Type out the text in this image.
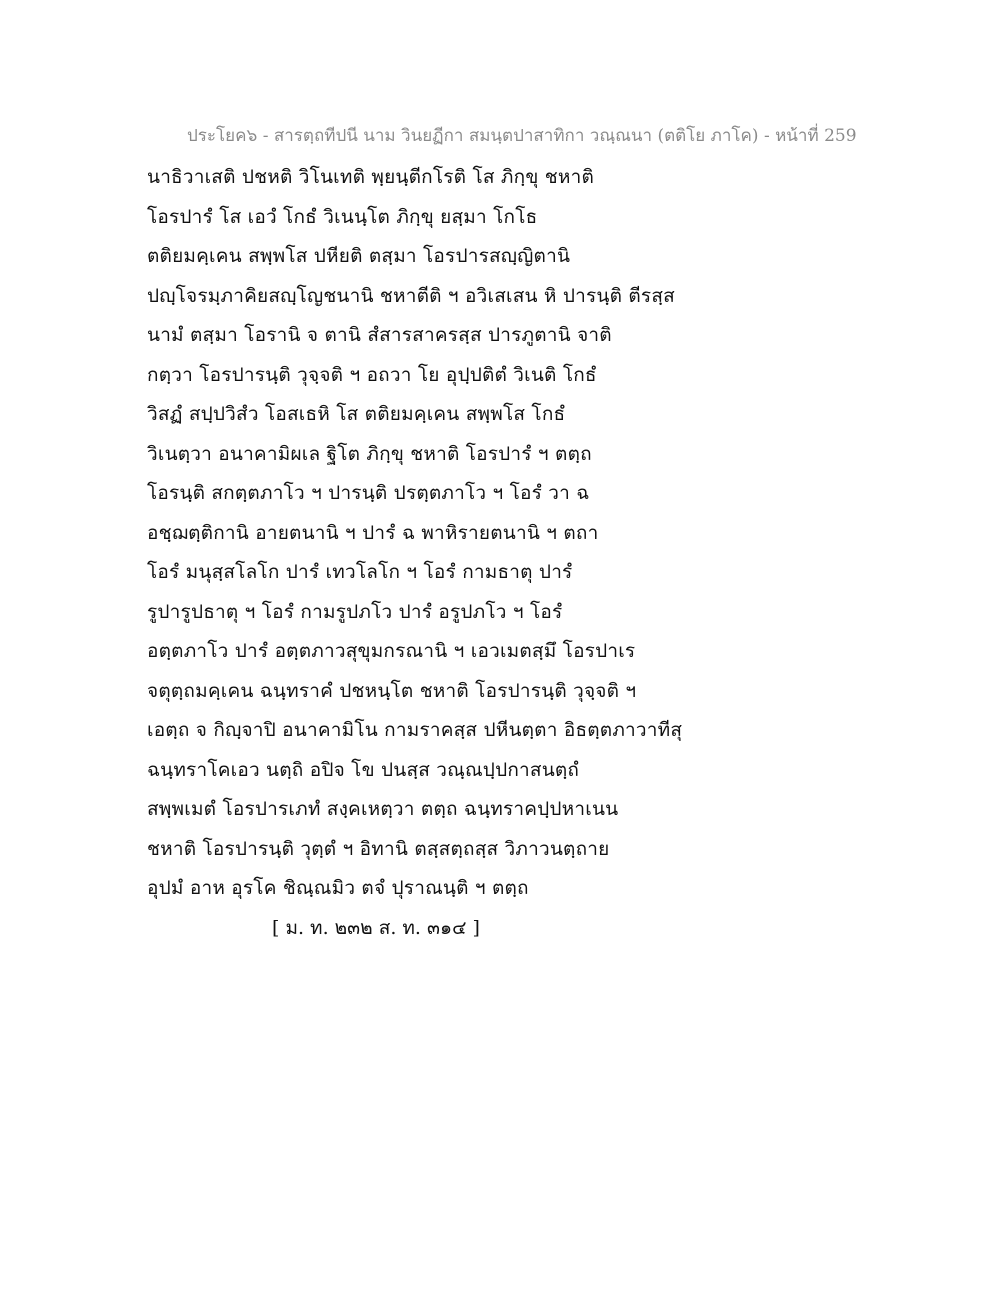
ประโยค๖ - สารตฺถทีปนี นาม วินยฏีกา สมนฺตปาสาทิกา วณฺณนา (ตติโย ภาโค) - หน้าที่ 259
นาธิวาเสติ ปชหติ วิโนเทติ พฺยนฺตีกโรติ โส ภิกฺขุ ชหาติ
โอรปารํ โส เอวํ โกธํ วิเนนฺโต ภิกฺขุ ยสฺมา โกโธ
ตติยมคฺเคน สพฺพโส ปหียติ ตสฺมา โอรปารสญฺญิตานิ
ปญฺโจรมฺภาคิยสญฺโญชนานิ ชหาตีติ ฯ อวิเสเสน หิ ปารนฺติ ตีรสฺส
นามํ ตสฺมา โอรานิ จ ตานิ สํสารสาครสฺส ปารภูตานิ จาติ
กตฺวา โอรปารนฺติ วุจฺจติ ฯ อถวา โย อุปฺปติตํ วิเนติ โกธํ
วิสฏํ สปฺปวิสํว โอสเธหิ โส ตติยมคฺเคน สพฺพโส โกธํ
วิเนตฺวา อนาคามิผเล ฐิโต ภิกฺขุ ชหาติ โอรปารํ ฯ ตตฺถ
โอรนฺติ สกตฺตภาโว ฯ ปารนฺติ ปรตฺตภาโว ฯ โอรํ วา ฉ
อชฺฌตฺติกานิ อายตนานิ ฯ ปารํ ฉ พาหิรายตนานิ ฯ ตถา
โอรํ มนุสฺสโลโก ปารํ เทวโลโก ฯ โอรํ กามธาตุ ปารํ
รูปารูปธาตุ ฯ โอรํ กามรูปภโว ปารํ อรูปภโว ฯ โอรํ
อตฺตภาโว ปารํ อตฺตภาวสุขุมกรณานิ ฯ เอวเมตสฺมึ โอรปาเร
จตุตฺถมคฺเคน ฉนฺทราคํ ปชหนฺโต ชหาติ โอรปารนฺติ วุจฺจติ ฯ
เอตฺถ จ กิญฺจาปิ อนาคามิโน กามราคสฺส ปหีนตฺตา อิธตฺตภาวาทีสุ
ฉนฺทราโคเอว นตฺถิ อปิจ โข ปนสฺส วณฺณปฺปกาสนตฺถํ
สพฺพเมตํ โอรปารเภทํ สงฺคเหตฺวา ตตฺถ ฉนฺทราคปฺปหาเนน
ชหาติ โอรปารนฺติ วุตฺตํ ฯ อิทานิ ตสฺสตฺถสฺส วิภาวนตฺถาย
อุปมํ อาห อุรโค ชิณฺณมิว ตจํ ปุราณนฺติ ฯ ตตฺถ
[ ม. ท. ๒๓๒ ส. ท. ๓๑๔ ]
